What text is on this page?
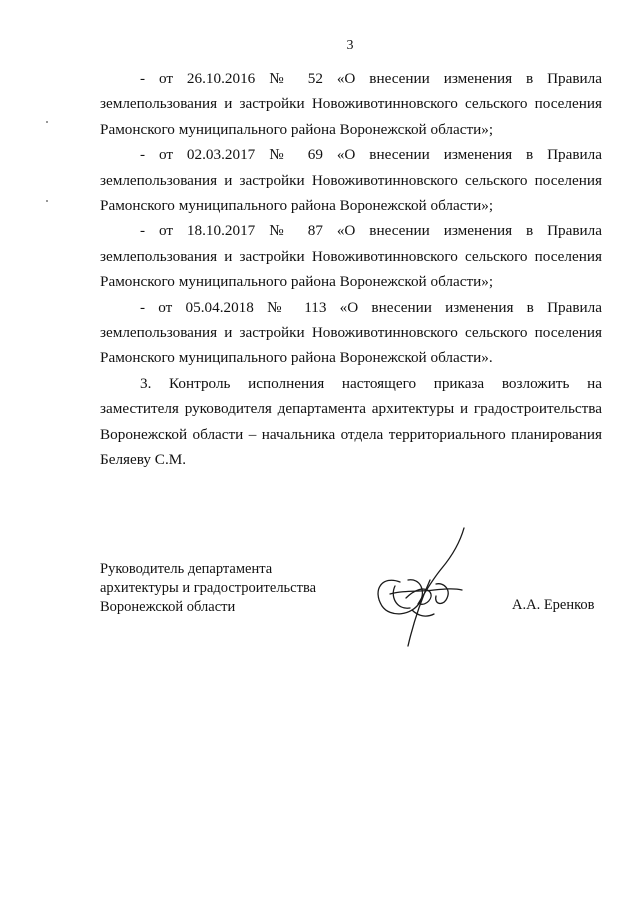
3

- от 26.10.2016 № 52 «О внесении изменения в Правила
землепользования и застройки Новоживотинновского сельского поселения
Рамонского муниципального района Воронежской области»;

- от 02.03.2017 № 69 «О внесении изменения в Правила
землепользования и застройки Новоживотинновского сельского поселения
Рамонского муниципального района Воронежской области»;

- от 18.10.2017 № 87 «О внесении изменения в Правила
землепользования и застройки Новоживотинновского сельского поселения
Рамонского муниципального района Воронежской области»;

- от 05.04.2018 № 113 «О внесении изменения в Правила
землепользования и застройки Новоживотинновского сельского поселения
Рамонского муниципального района Воронежской области».

3. Контроль исполнения настоящего приказа возложить на
заместителя руководителя департамента архитектуры и градостроительства
Воронежской области – начальника отдела территориального планирования
Беляеву С.М.

Руководитель департамента
архитектуры и градостроительства
Воронежской области	А.А. Еренков
